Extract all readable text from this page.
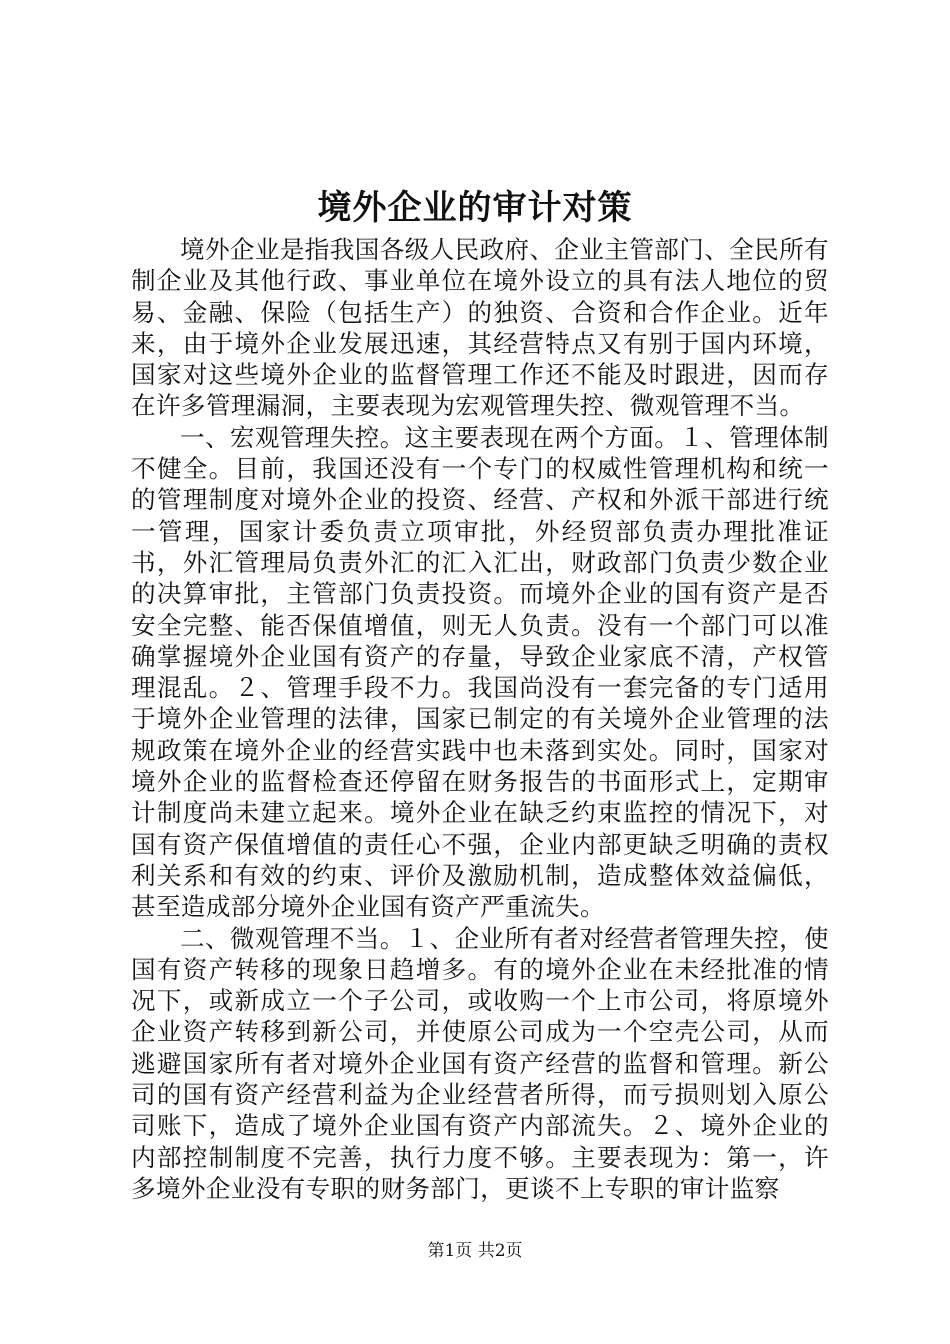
境外企业的审计对策

境外企业是指我国各级人民政府、企业主管部门、全民所有制企业及其他行政、事业单位在境外设立的具有法人地位的贸易、金融、保险（包括生产）的独资、合资和合作企业。近年来，由于境外企业发展迅速，其经营特点又有别于国内环境，国家对这些境外企业的监督管理工作还不能及时跟进，因而存在许多管理漏洞，主要表现为宏观管理失控、微观管理不当。

一、宏观管理失控。这主要表现在两个方面。１、管理体制不健全。目前，我国还没有一个专门的权威性管理机构和统一的管理制度对境外企业的投资、经营、产权和外派干部进行统一管理，国家计委负责立项审批，外经贸部负责办理批准证书，外汇管理局负责外汇的汇入汇出，财政部门负责少数企业的决算审批，主管部门负责投资。而境外企业的国有资产是否安全完整、能否保值增值，则无人负责。没有一个部门可以准确掌握境外企业国有资产的存量，导致企业家底不清，产权管理混乱。２、管理手段不力。我国尚没有一套完备的专门适用于境外企业管理的法律，国家已制定的有关境外企业管理的法规政策在境外企业的经营实践中也未落到实处。同时，国家对境外企业的监督检查还停留在财务报告的书面形式上，定期审计制度尚未建立起来。境外企业在缺乏约束监控的情况下，对国有资产保值增值的责任心不强，企业内部更缺乏明确的责权利关系和有效的约束、评价及激励机制，造成整体效益偏低，甚至造成部分境外企业国有资产严重流失。

二、微观管理不当。１、企业所有者对经营者管理失控，使国有资产转移的现象日趋增多。有的境外企业在未经批准的情况下，或新成立一个子公司，或收购一个上市公司，将原境外企业资产转移到新公司，并使原公司成为一个空壳公司，从而逃避国家所有者对境外企业国有资产经营的监督和管理。新公司的国有资产经营利益为企业经营者所得，而亏损则划入原公司账下，造成了境外企业国有资产内部流失。２、境外企业的内部控制制度不完善，执行力度不够。主要表现为：第一，许多境外企业没有专职的财务部门，更谈不上专职的审计监察

第1页 共2页
